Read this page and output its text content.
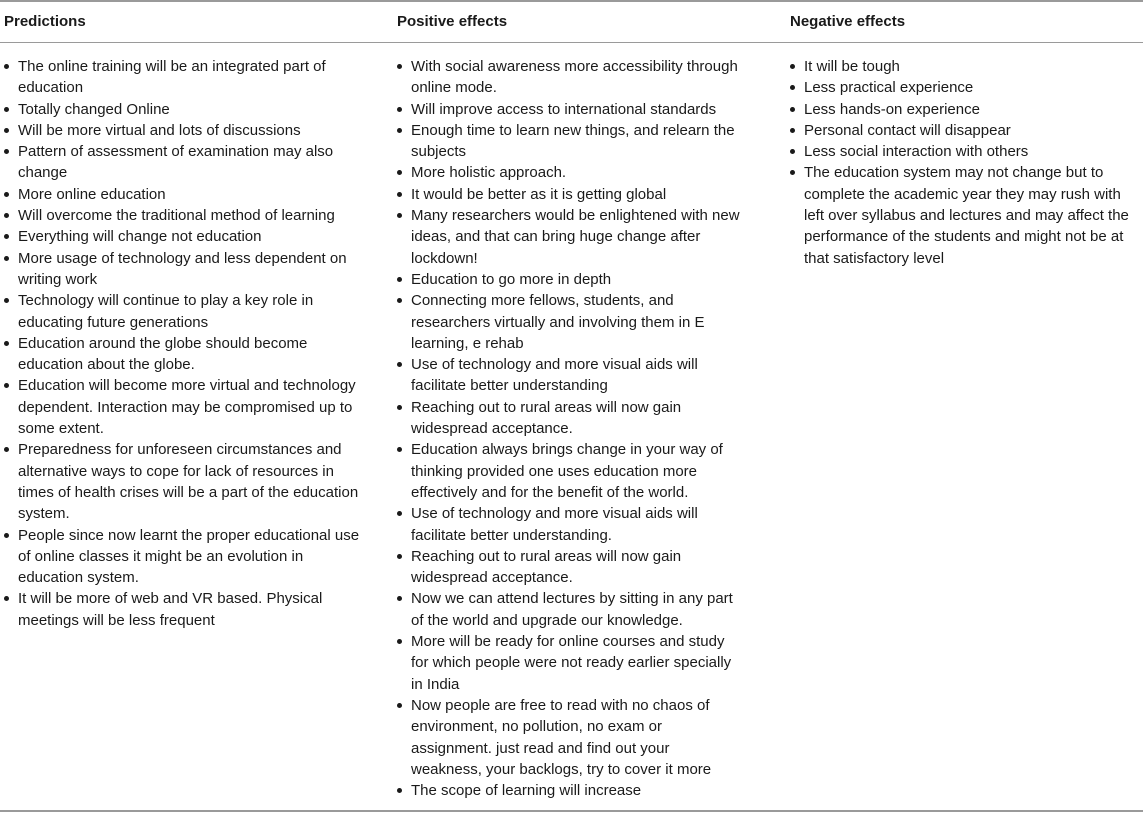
Predictions
The online training will be an integrated part of education
Totally changed Online
Will be more virtual and lots of discussions
Pattern of assessment of examination may also change
More online education
Will overcome the traditional method of learning
Everything will change not education
More usage of technology and less dependent on writing work
Technology will continue to play a key role in educating future generations
Education around the globe should become education about the globe.
Education will become more virtual and technology dependent. Interaction may be compromised up to some extent.
Preparedness for unforeseen circumstances and alternative ways to cope for lack of resources in times of health crises will be a part of the education system.
People since now learnt the proper educational use of online classes it might be an evolution in education system.
It will be more of web and VR based. Physical meetings will be less frequent
Positive effects
With social awareness more accessibility through online mode.
Will improve access to international standards
Enough time to learn new things, and relearn the subjects
More holistic approach.
It would be better as it is getting global
Many researchers would be enlightened with new ideas, and that can bring huge change after lockdown!
Education to go more in depth
Connecting more fellows, students, and researchers virtually and involving them in E learning, e rehab
Use of technology and more visual aids will facilitate better understanding
Reaching out to rural areas will now gain widespread acceptance.
Education always brings change in your way of thinking provided one uses education more effectively and for the benefit of the world.
Use of technology and more visual aids will facilitate better understanding.
Reaching out to rural areas will now gain widespread acceptance.
Now we can attend lectures by sitting in any part of the world and upgrade our knowledge.
More will be ready for online courses and study for which people were not ready earlier specially in India
Now people are free to read with no chaos of environment, no pollution, no exam or assignment. just read and find out your weakness, your backlogs, try to cover it more
The scope of learning will increase
Negative effects
It will be tough
Less practical experience
Less hands-on experience
Personal contact will disappear
Less social interaction with others
The education system may not change but to complete the academic year they may rush with left over syllabus and lectures and may affect the performance of the students and might not be at that satisfactory level
